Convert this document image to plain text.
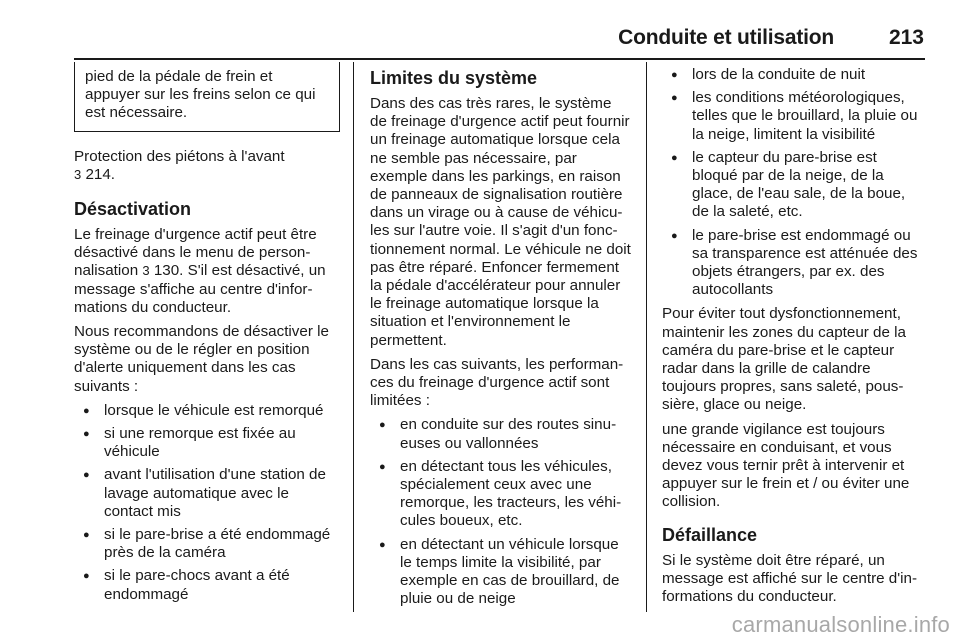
Conduite et utilisation	213
pied de la pédale de frein et appuyer sur les freins selon ce qui est nécessaire.

Protection des piétons à l'avant
3 214.

Désactivation

Le freinage d'urgence actif peut être désactivé dans le menu de personnalisation 3 130. S'il est désactivé, un message s'affiche au centre d'informations du conducteur.

Nous recommandons de désactiver le système ou de le régler en position d'alerte uniquement dans les cas suivants :

● lorsque le véhicule est remorqué
● si une remorque est fixée au véhicule
● avant l'utilisation d'une station de lavage automatique avec le contact mis
● si le pare-brise a été endommagé près de la caméra
● si le pare-chocs avant a été endommagé
Limites du système

Dans des cas très rares, le système de freinage d'urgence actif peut fournir un freinage automatique lorsque cela ne semble pas nécessaire, par exemple dans les parkings, en raison de panneaux de signalisation routière dans un virage ou à cause de véhicules sur l'autre voie. Il s'agit d'un fonctionnement normal. Le véhicule ne doit pas être réparé. Enfoncer fermement la pédale d'accélérateur pour annuler le freinage automatique lorsque la situation et l'environnement le permettent.

Dans les cas suivants, les performances du freinage d'urgence actif sont limitées :

● en conduite sur des routes sinueuses ou vallonnées
● en détectant tous les véhicules, spécialement ceux avec une remorque, les tracteurs, les véhicules boueux, etc.
● en détectant un véhicule lorsque le temps limite la visibilité, par exemple en cas de brouillard, de pluie ou de neige
● lors de la conduite de nuit
● les conditions météorologiques, telles que le brouillard, la pluie ou la neige, limitent la visibilité
● le capteur du pare-brise est bloqué par de la neige, de la glace, de l'eau sale, de la boue, de la saleté, etc.
● le pare-brise est endommagé ou sa transparence est atténuée des objets étrangers, par ex. des autocollants

Pour éviter tout dysfonctionnement, maintenir les zones du capteur de la caméra du pare-brise et le capteur radar dans la grille de calandre toujours propres, sans saleté, poussière, glace ou neige.

une grande vigilance est toujours nécessaire en conduisant, et vous devez vous ternir prêt à intervenir et appuyer sur le frein et / ou éviter une collision.

Défaillance

Si le système doit être réparé, un message est affiché sur le centre d'informations du conducteur.

carmanualsonline.info
